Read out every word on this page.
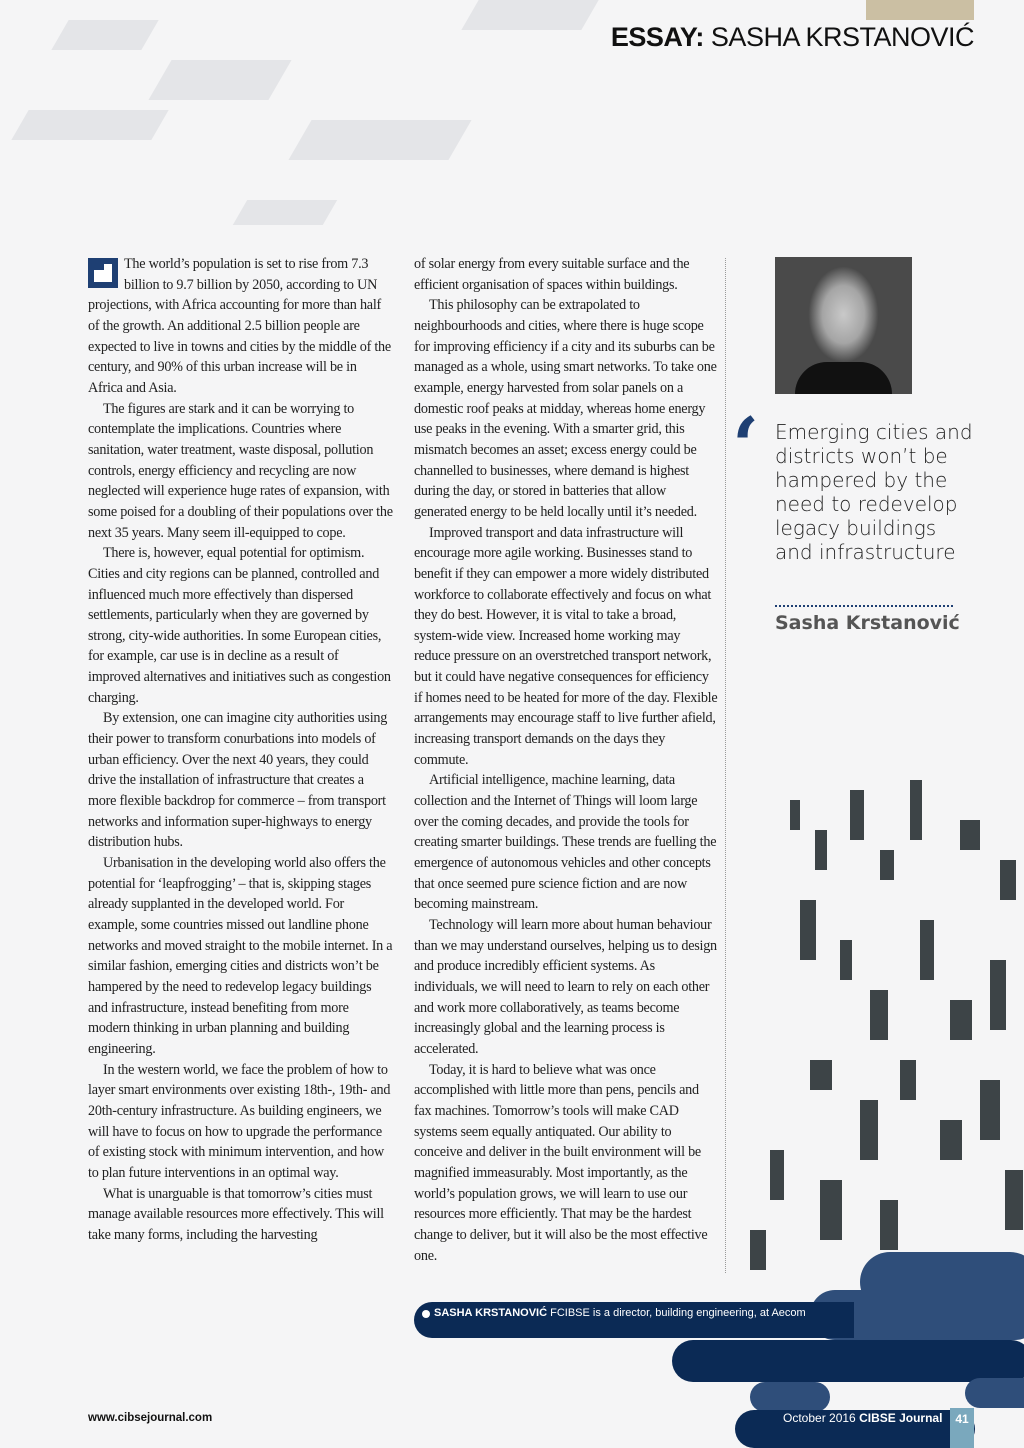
ESSAY: SASHA KRSTANOVIĆ

The world’s population is set to rise from 7.3 billion to 9.7 billion by 2050, according to UN projections, with Africa accounting for more than half of the growth. An additional 2.5 billion people are expected to live in towns and cities by the middle of the century, and 90% of this urban increase will be in Africa and Asia.

The figures are stark and it can be worrying to contemplate the implications. Countries where sanitation, water treatment, waste disposal, pollution controls, energy efficiency and recycling are now neglected will experience huge rates of expansion, with some poised for a doubling of their populations over the next 35 years. Many seem ill-equipped to cope.

There is, however, equal potential for optimism. Cities and city regions can be planned, controlled and influenced much more effectively than dispersed settlements, particularly when they are governed by strong, city-wide authorities. In some European cities, for example, car use is in decline as a result of improved alternatives and initiatives such as congestion charging.

By extension, one can imagine city authorities using their power to transform conurbations into models of urban efficiency. Over the next 40 years, they could drive the installation of infrastructure that creates a more flexible backdrop for commerce – from transport networks and information super-highways to energy distribution hubs.

Urbanisation in the developing world also offers the potential for ‘leapfrogging’ – that is, skipping stages already supplanted in the developed world. For example, some countries missed out landline phone networks and moved straight to the mobile internet. In a similar fashion, emerging cities and districts won’t be hampered by the need to redevelop legacy buildings and infrastructure, instead benefiting from more modern thinking in urban planning and building engineering.

In the western world, we face the problem of how to layer smart environments over existing 18th-, 19th- and 20th-century infrastructure. As building engineers, we will have to focus on how to upgrade the performance of existing stock with minimum intervention, and how to plan future interventions in an optimal way.

What is unarguable is that tomorrow’s cities must manage available resources more effectively. This will take many forms, including the harvesting

of solar energy from every suitable surface and the efficient organisation of spaces within buildings.

This philosophy can be extrapolated to neighbourhoods and cities, where there is huge scope for improving efficiency if a city and its suburbs can be managed as a whole, using smart networks. To take one example, energy harvested from solar panels on a domestic roof peaks at midday, whereas home energy use peaks in the evening. With a smarter grid, this mismatch becomes an asset; excess energy could be channelled to businesses, where demand is highest during the day, or stored in batteries that allow generated energy to be held locally until it’s needed.

Improved transport and data infrastructure will encourage more agile working. Businesses stand to benefit if they can empower a more widely distributed workforce to collaborate effectively and focus on what they do best. However, it is vital to take a broad, system-wide view. Increased home working may reduce pressure on an overstretched transport network, but it could have negative consequences for efficiency if homes need to be heated for more of the day. Flexible arrangements may encourage staff to live further afield, increasing transport demands on the days they commute.

Artificial intelligence, machine learning, data collection and the Internet of Things will loom large over the coming decades, and provide the tools for creating smarter buildings. These trends are fuelling the emergence of autonomous vehicles and other concepts that once seemed pure science fiction and are now becoming mainstream.

Technology will learn more about human behaviour than we may understand ourselves, helping us to design and produce incredibly efficient systems. As individuals, we will need to learn to rely on each other and work more collaboratively, as teams become increasingly global and the learning process is accelerated.

Today, it is hard to believe what was once accomplished with little more than pens, pencils and fax machines. Tomorrow’s tools will make CAD systems seem equally antiquated. Our ability to conceive and deliver in the built environment will be magnified immeasurably. Most importantly, as the world’s population grows, we will learn to use our resources more efficiently. That may be the hardest change to deliver, but it will also be the most effective one.

‘ Emerging cities and districts won’t be hampered by the need to redevelop legacy buildings and infrastructure
Sasha Krstanović
SASHA KRSTANOVIĆ FCIBSE is a director, building engineering, at Aecom
www.cibsejournal.com	October 2016 CIBSE Journal	41
